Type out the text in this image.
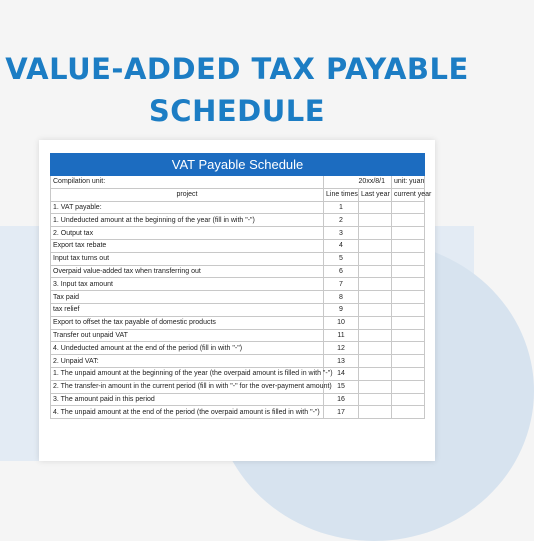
VALUE-ADDED TAX PAYABLE
SCHEDULE
VAT Payable Schedule			
Compilation unit:	20xx/8/1		unit: yuan
project	Line times	Last year	current year
1. VAT payable:	1		
1. Undeducted amount at the beginning of the year (fill in with "-")	2		
2. Output tax	3		
Export tax rebate	4		
Input tax turns out	5		
Overpaid value-added tax when transferring out	6		
3. Input tax amount	7		
Tax paid	8		
tax relief	9		
Export to offset the tax payable of domestic products	10		
Transfer out unpaid VAT	11		
4. Undeducted amount at the end of the period (fill in with "-")	12		
2. Unpaid VAT:	13		
1. The unpaid amount at the beginning of the year (the overpaid amount is filled in with "-")	14		
2. The transfer-in amount in the current period (fill in with "-" for the over-payment amount)	15		
3. The amount paid in this period	16		
4. The unpaid amount at the end of the period (the overpaid amount is filled in with "-")	17		
